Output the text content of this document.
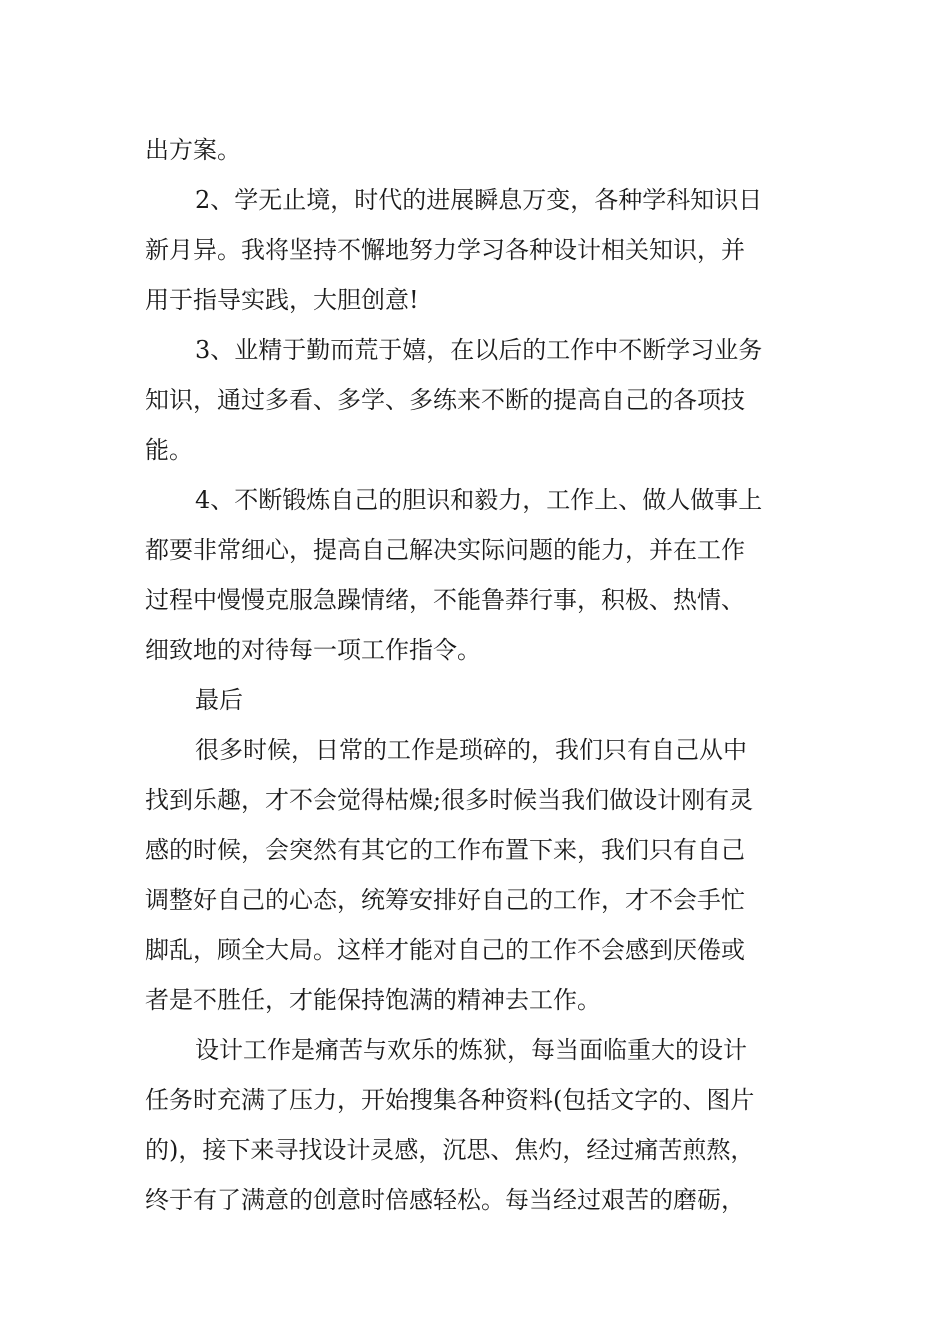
出方案。
2、学无止境，时代的进展瞬息万变，各种学科知识日
新月异。我将坚持不懈地努力学习各种设计相关知识，并
用于指导实践，大胆创意!
3、业精于勤而荒于嬉，在以后的工作中不断学习业务
知识，通过多看、多学、多练来不断的提高自己的各项技
能。
4、不断锻炼自己的胆识和毅力，工作上、做人做事上
都要非常细心，提高自己解决实际问题的能力，并在工作
过程中慢慢克服急躁情绪，不能鲁莽行事，积极、热情、
细致地的对待每一项工作指令。
最后
很多时候，日常的工作是琐碎的，我们只有自己从中
找到乐趣，才不会觉得枯燥;很多时候当我们做设计刚有灵
感的时候，会突然有其它的工作布置下来，我们只有自己
调整好自己的心态，统筹安排好自己的工作，才不会手忙
脚乱，顾全大局。这样才能对自己的工作不会感到厌倦或
者是不胜任，才能保持饱满的精神去工作。
设计工作是痛苦与欢乐的炼狱，每当面临重大的设计
任务时充满了压力，开始搜集各种资料(包括文字的、图片
的)，接下来寻找设计灵感，沉思、焦灼，经过痛苦煎熬，
终于有了满意的创意时倍感轻松。每当经过艰苦的磨砺，
